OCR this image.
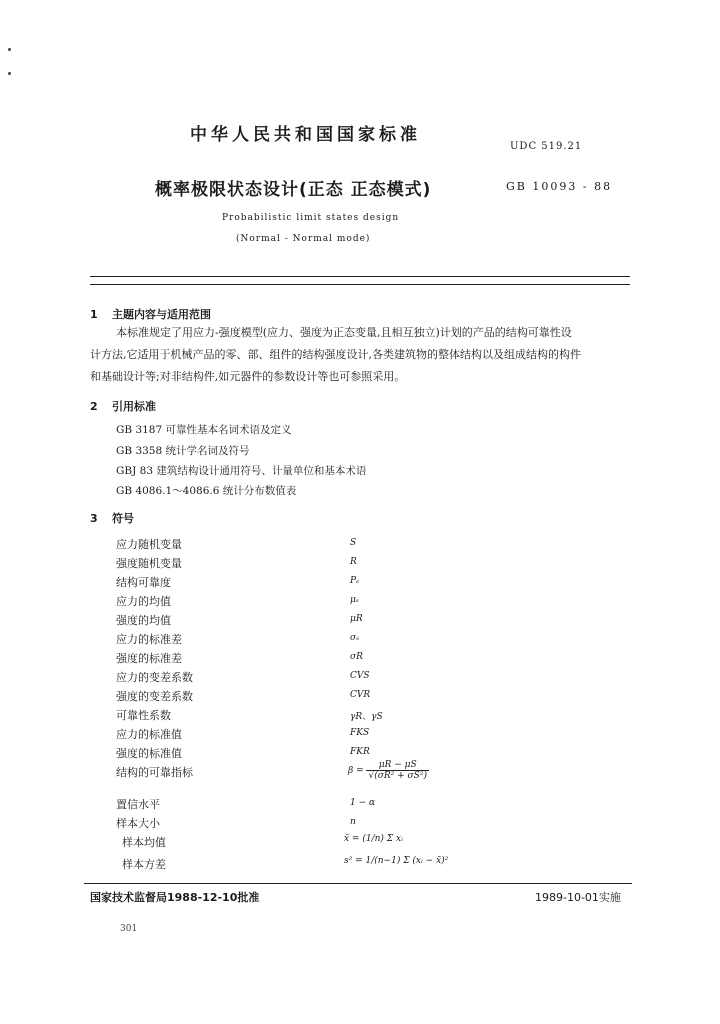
中华人民共和国国家标准
UDC 519.21
概率极限状态设计(正态 正态模式)	GB 10093 - 88
Probabilistic limit states design
(Normal - Normal mode)
1 主题内容与适用范围
本标准规定了用应力-强度模型(应力、强度为正态变量,且相互独立)计划的产品的结构可靠性设
计方法,它适用于机械产品的零、部、组件的结构强度设计,各类建筑物的整体结构以及组成结构的构件
和基础设计等;对非结构件,如元器件的参数设计等也可参照采用。
2 引用标准
GB 3187 可靠性基本名词术语及定义
GB 3358 统计学名词及符号
GBJ 83 建筑结构设计通用符号、计量单位和基本术语
GB 4086.1～4086.6 统计分布数值表
3 符号
应力随机变量	S
强度随机变量	R
结构可靠度	Pₛ
应力的均值	μₛ
强度的均值	μR
应力的标准差	σₛ
强度的标准差	σR
应力的变差系数	CVS
强度的变差系数	CVR
可靠性系数	γR、γS
应力的标准值	FKS
强度的标准值	FKR
结构的可靠指标	$\beta = \frac{\mu R - \mu S}{\text{√(σR² + σS²)}}$
置信水平	1 − α
样本大小	n
样本均值	x̄ = (1/n) Σ xᵢ
样本方差	s² = 1/(n−1) Σ (xᵢ − x̄)²
国家技术监督局1988-12-10批准	1989-10-01实施
301
